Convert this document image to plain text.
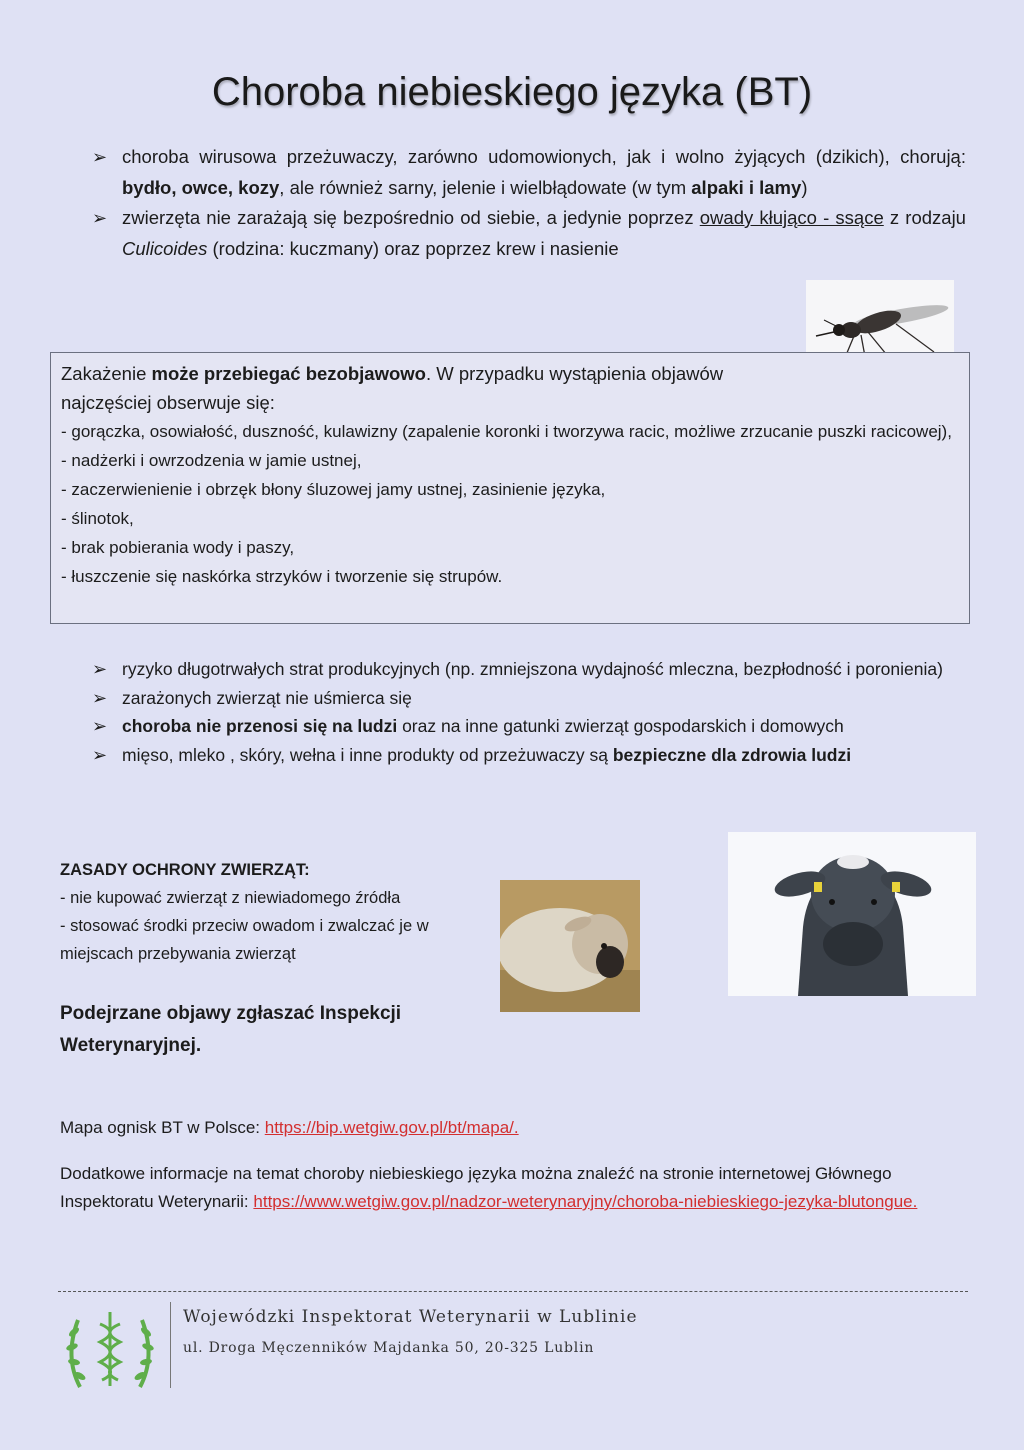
Choroba niebieskiego języka (BT)
➢ choroba wirusowa przeżuwaczy, zarówno udomowionych, jak i wolno żyjących (dzikich), chorują: bydło, owce, kozy, ale również sarny, jelenie i wielbłądowate (w tym alpaki i lamy)
➢ zwierzęta nie zarażają się bezpośrednio od siebie, a jedynie poprzez owady kłująco - ssące z rodzaju Culicoides (rodzina: kuczmany) oraz poprzez krew i nasienie
Zakażenie może przebiegać bezobjawowo. W przypadku wystąpienia objawów
najczęściej obserwuje się:
- gorączka, osowiałość, duszność, kulawizny (zapalenie koronki i tworzywa racic, możliwe zrzucanie puszki racicowej),
- nadżerki i owrzodzenia w jamie ustnej,
- zaczerwienienie i obrzęk błony śluzowej jamy ustnej, zasinienie języka,
- ślinotok,
- brak pobierania wody i paszy,
- łuszczenie się naskórka strzyków i tworzenie się strupów.
➢ ryzyko długotrwałych strat produkcyjnych (np. zmniejszona wydajność mleczna, bezpłodność i poronienia)
➢ zarażonych zwierząt nie uśmierca się
➢ choroba nie przenosi się na ludzi oraz na inne gatunki zwierząt gospodarskich i domowych
➢ mięso, mleko , skóry, wełna i inne produkty od przeżuwaczy są bezpieczne dla zdrowia ludzi
ZASADY OCHRONY ZWIERZĄT:
- nie kupować zwierząt z niewiadomego źródła
- stosować środki przeciw owadom i zwalczać je w miejscach przebywania zwierząt
Podejrzane objawy zgłaszać Inspekcji Weterynaryjnej.
Mapa ognisk BT w Polsce: https://bip.wetgiw.gov.pl/bt/mapa/.
Dodatkowe informacje na temat choroby niebieskiego języka można znaleźć na stronie internetowej Głównego Inspektoratu Weterynarii: https://www.wetgiw.gov.pl/nadzor-weterynaryjny/choroba-niebieskiego-jezyka-blutongue.
Wojewódzki Inspektorat Weterynarii w Lublinie
ul. Droga Męczenników Majdanka 50, 20-325 Lublin
